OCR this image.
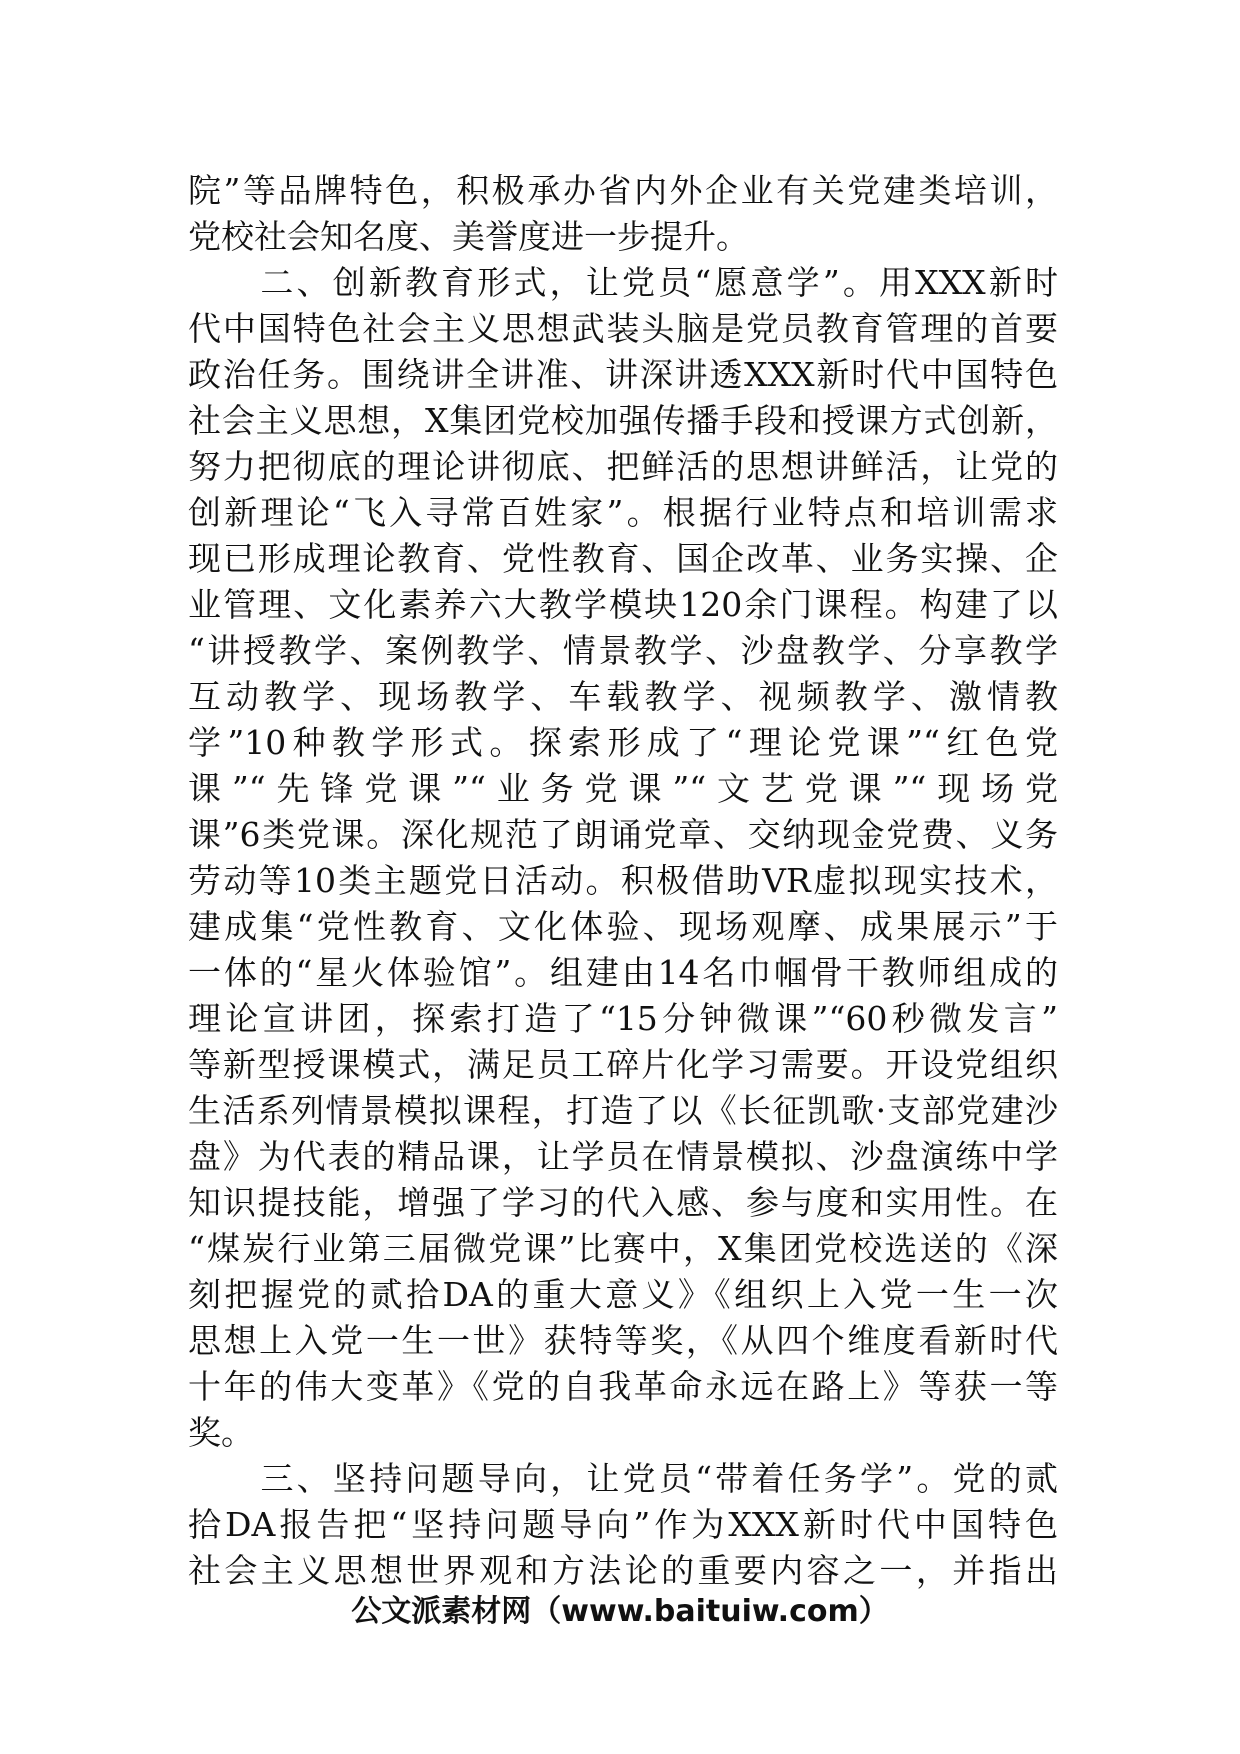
院”等品牌特色，积极承办省内外企业有关党建类培训，
党校社会知名度、美誉度进一步提升。
　　二、创新教育形式，让党员“愿意学”。用XXX新时
代中国特色社会主义思想武装头脑是党员教育管理的首要
政治任务。围绕讲全讲准、讲深讲透XXX新时代中国特色
社会主义思想，X集团党校加强传播手段和授课方式创新，
努力把彻底的理论讲彻底、把鲜活的思想讲鲜活，让党的
创新理论“飞入寻常百姓家”。根据行业特点和培训需求
现已形成理论教育、党性教育、国企改革、业务实操、企
业管理、文化素养六大教学模块120余门课程。构建了以
“讲授教学、案例教学、情景教学、沙盘教学、分享教学
互动教学、现场教学、车载教学、视频教学、激情教
学”10种教学形式。探索形成了“理论党课”“红色党
课”“先锋党课”“业务党课”“文艺党课”“现场党
课”6类党课。深化规范了朗诵党章、交纳现金党费、义务
劳动等10类主题党日活动。积极借助VR虚拟现实技术，
建成集“党性教育、文化体验、现场观摩、成果展示”于
一体的“星火体验馆”。组建由14名巾帼骨干教师组成的
理论宣讲团，探索打造了“15分钟微课”“60秒微发言”
等新型授课模式，满足员工碎片化学习需要。开设党组织
生活系列情景模拟课程，打造了以《长征凯歌·支部党建沙
盘》为代表的精品课，让学员在情景模拟、沙盘演练中学
知识提技能，增强了学习的代入感、参与度和实用性。在
“煤炭行业第三届微党课”比赛中，X集团党校选送的《深
刻把握党的贰拾DA的重大意义》《组织上入党一生一次
思想上入党一生一世》获特等奖，《从四个维度看新时代
十年的伟大变革》《党的自我革命永远在路上》等获一等
奖。
　　三、坚持问题导向，让党员“带着任务学”。党的贰
拾DA报告把“坚持问题导向”作为XXX新时代中国特色
社会主义思想世界观和方法论的重要内容之一，并指出
公文派素材网（www.baituiw.com）
